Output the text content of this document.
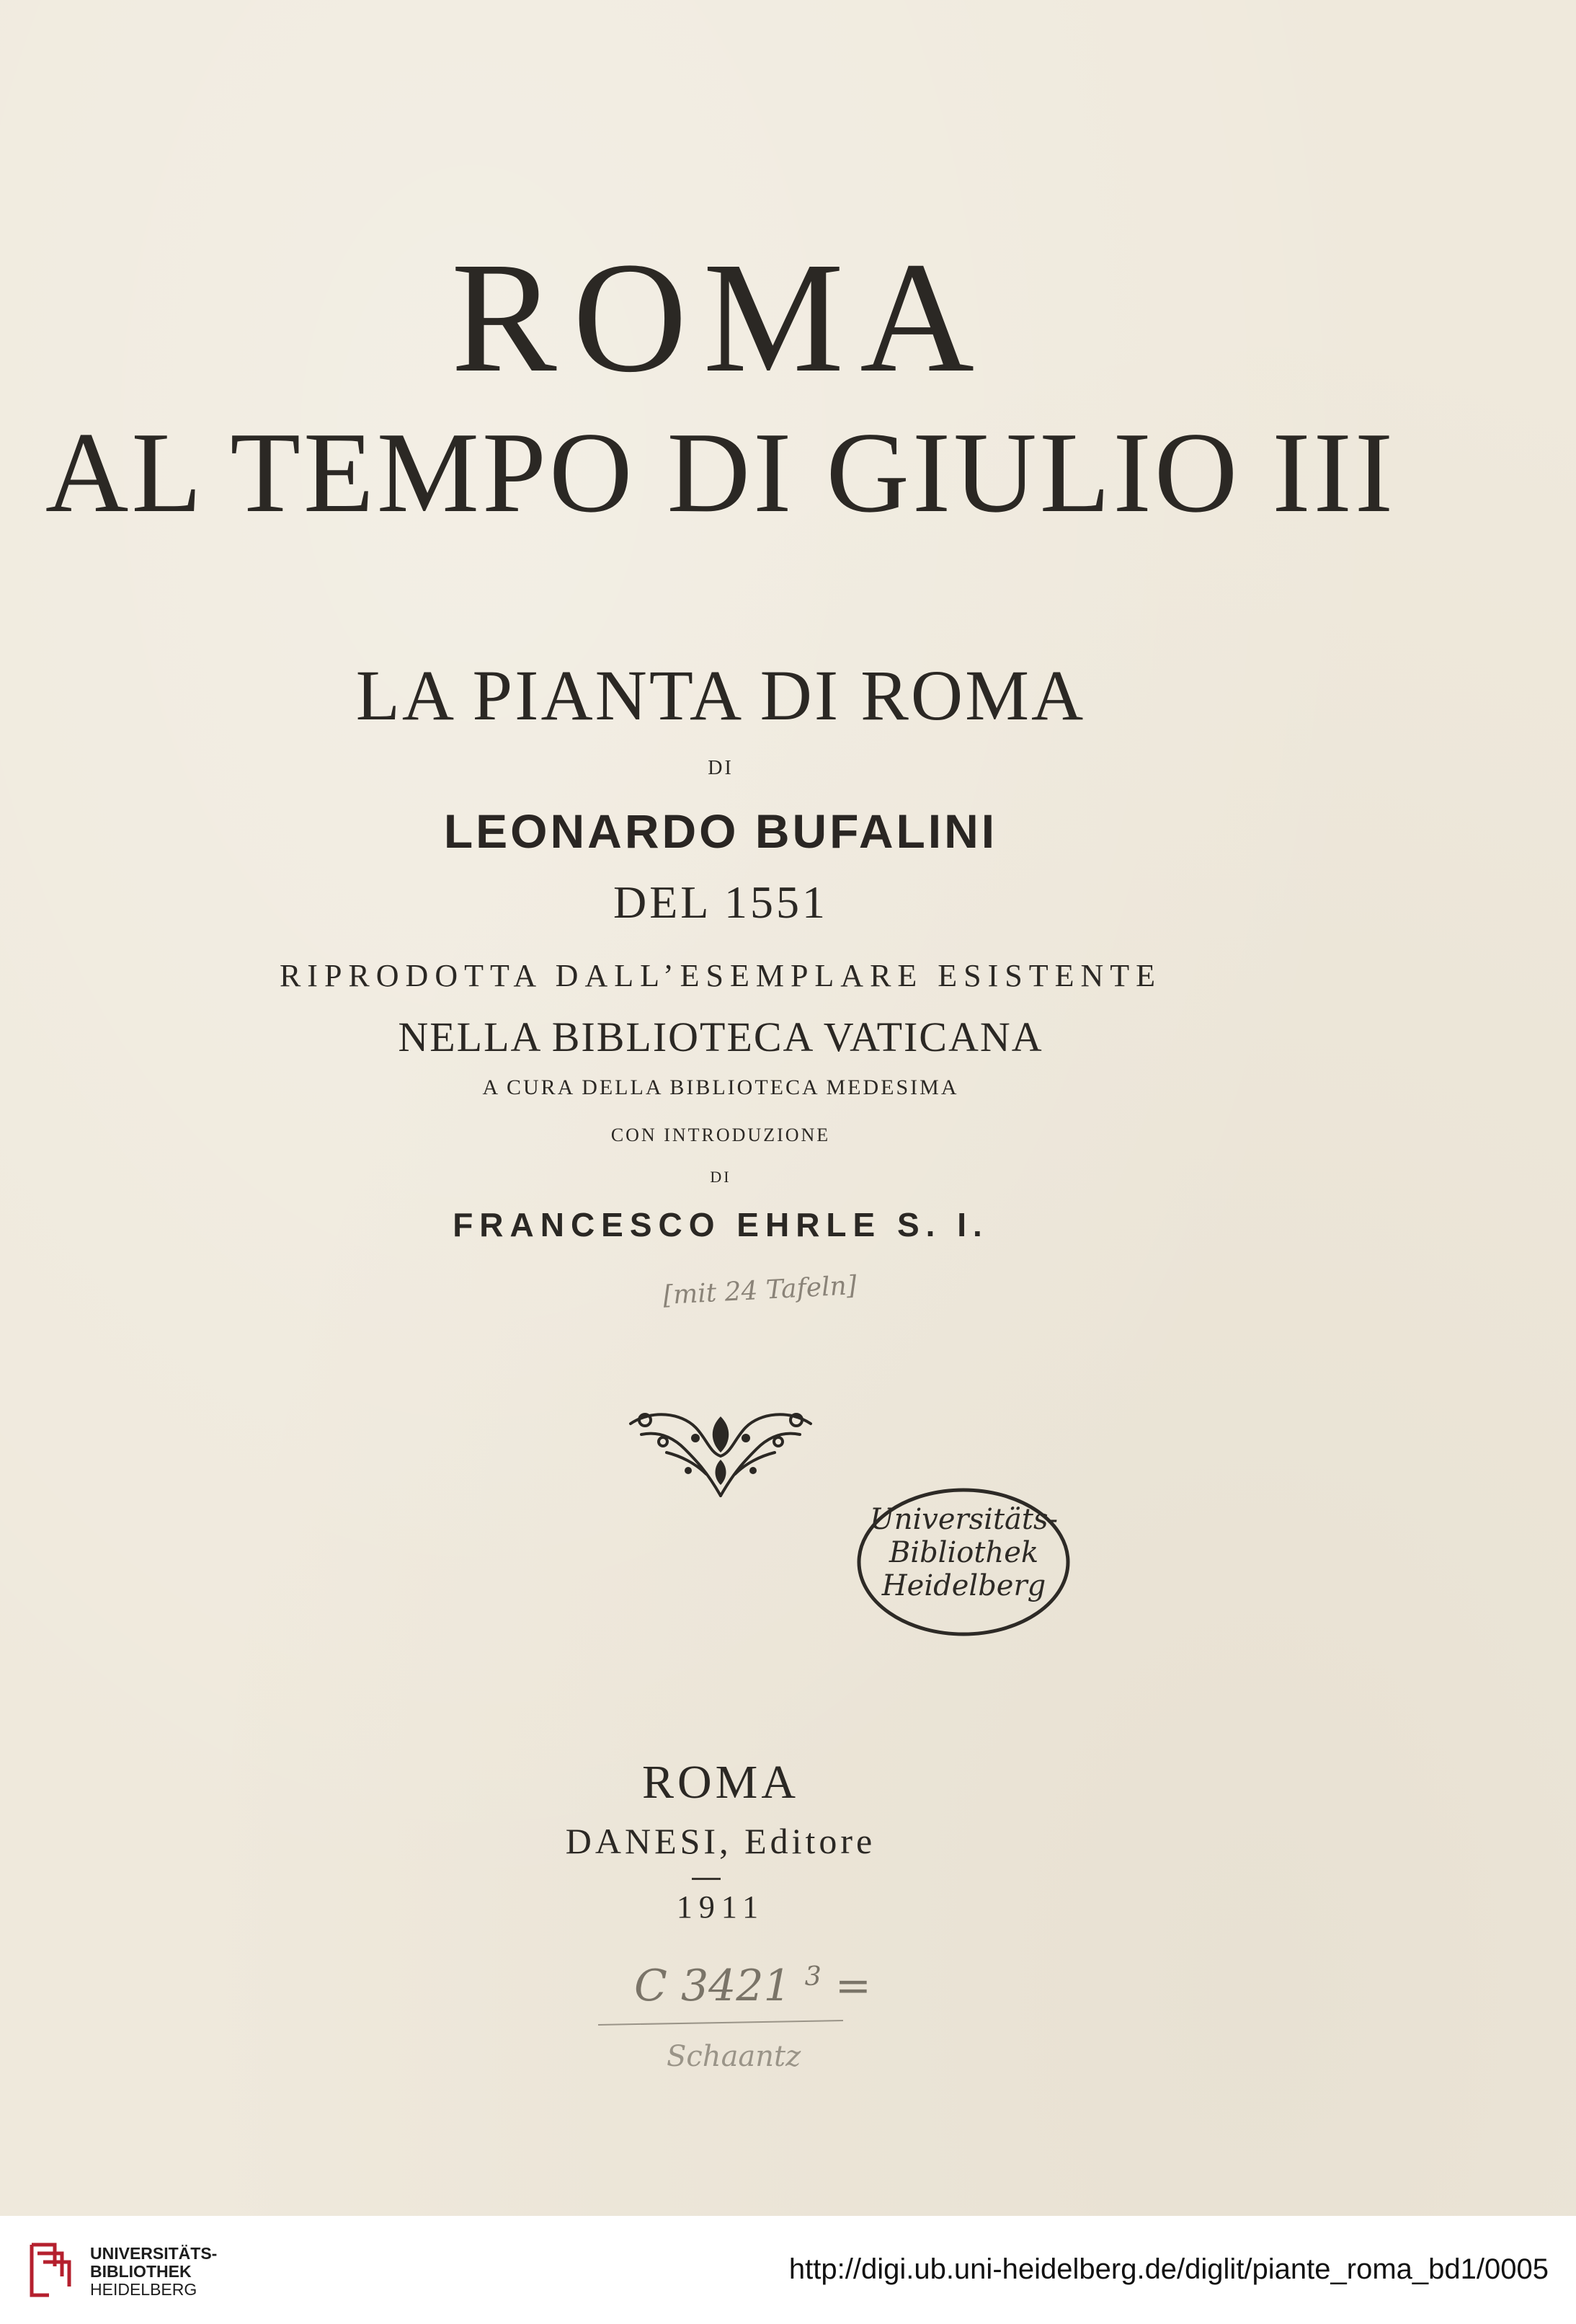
ROMA
AL TEMPO DI GIULIO III
LA PIANTA DI ROMA
DI
LEONARDO BUFALINI
DEL 1551
RIPRODOTTA DALL’ESEMPLARE ESISTENTE
NELLA BIBLIOTECA VATICANA
A CURA DELLA BIBLIOTECA MEDESIMA
CON INTRODUZIONE
DI
FRANCESCO EHRLE S. I.
[mit 24 Tafeln]
Universitäts-
Bibliothek
Heidelberg
ROMA
DANESI, Editore
1911
C 3421 $^3$ =
Schaantz
UNIVERSITÄTS-
BIBLIOTHEK
HEIDELBERG
http://digi.ub.uni-heidelberg.de/diglit/piante_roma_bd1/0005
